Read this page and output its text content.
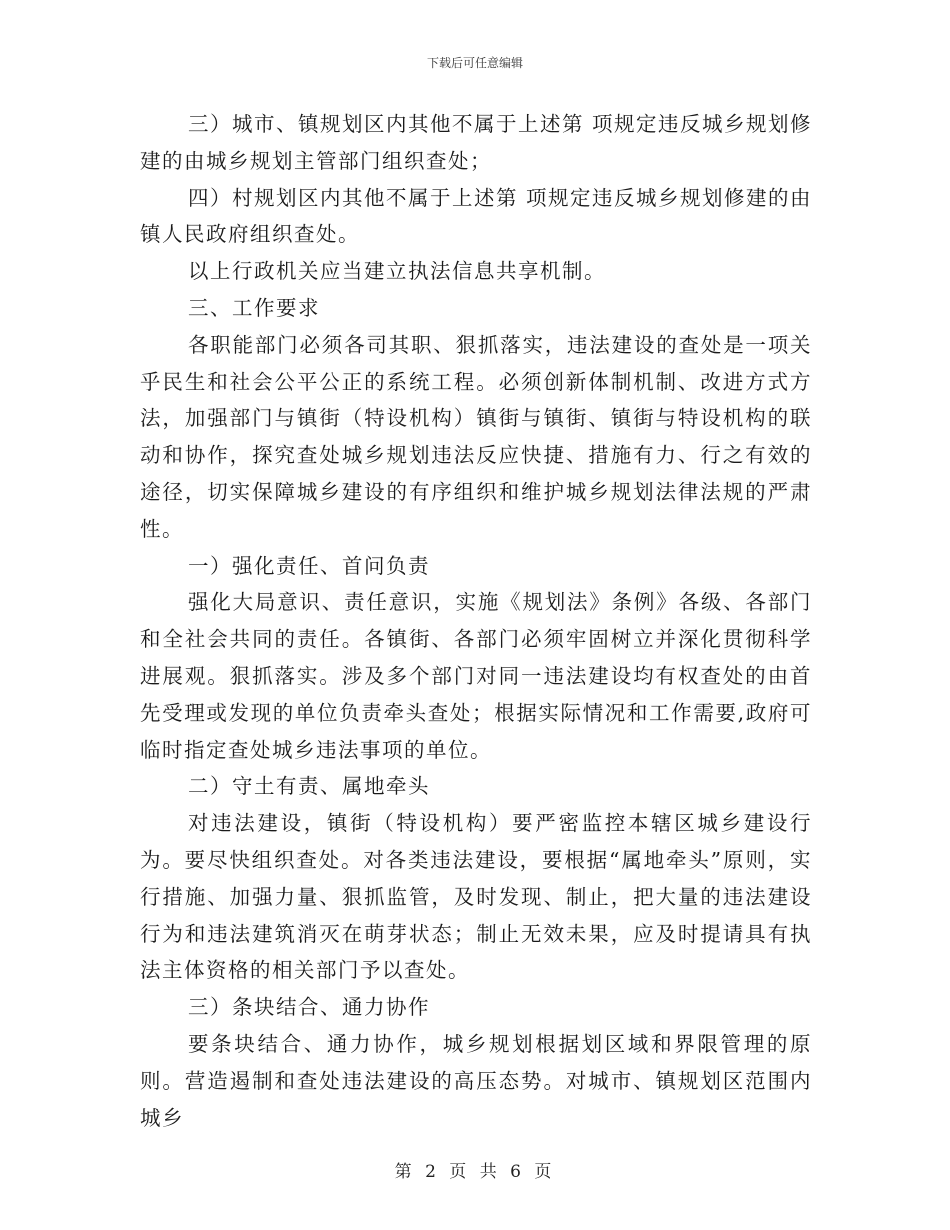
下载后可任意编辑

三）城市、镇规划区内其他不属于上述第 项规定违反城乡规划修建的由城乡规划主管部门组织查处；

四）村规划区内其他不属于上述第 项规定违反城乡规划修建的由镇人民政府组织查处。

以上行政机关应当建立执法信息共享机制。

三、工作要求

各职能部门必须各司其职、狠抓落实，违法建设的查处是一项关乎民生和社会公平公正的系统工程。必须创新体制机制、改进方式方法，加强部门与镇街（特设机构）镇街与镇街、镇街与特设机构的联动和协作，探究查处城乡规划违法反应快捷、措施有力、行之有效的途径，切实保障城乡建设的有序组织和维护城乡规划法律法规的严肃性。

一）强化责任、首问负责

强化大局意识、责任意识，实施《规划法》条例》各级、各部门和全社会共同的责任。各镇街、各部门必须牢固树立并深化贯彻科学进展观。狠抓落实。涉及多个部门对同一违法建设均有权查处的由首先受理或发现的单位负责牵头查处；根据实际情况和工作需要,政府可临时指定查处城乡违法事项的单位。

二）守土有责、属地牵头

对违法建设，镇街（特设机构）要严密监控本辖区城乡建设行为。要尽快组织查处。对各类违法建设，要根据“属地牵头”原则，实行措施、加强力量、狠抓监管，及时发现、制止，把大量的违法建设行为和违法建筑消灭在萌芽状态；制止无效未果，应及时提请具有执法主体资格的相关部门予以查处。

三）条块结合、通力协作

要条块结合、通力协作，城乡规划根据划区域和界限管理的原则。营造遏制和查处违法建设的高压态势。对城市、镇规划区范围内城乡

第 2 页 共 6 页
